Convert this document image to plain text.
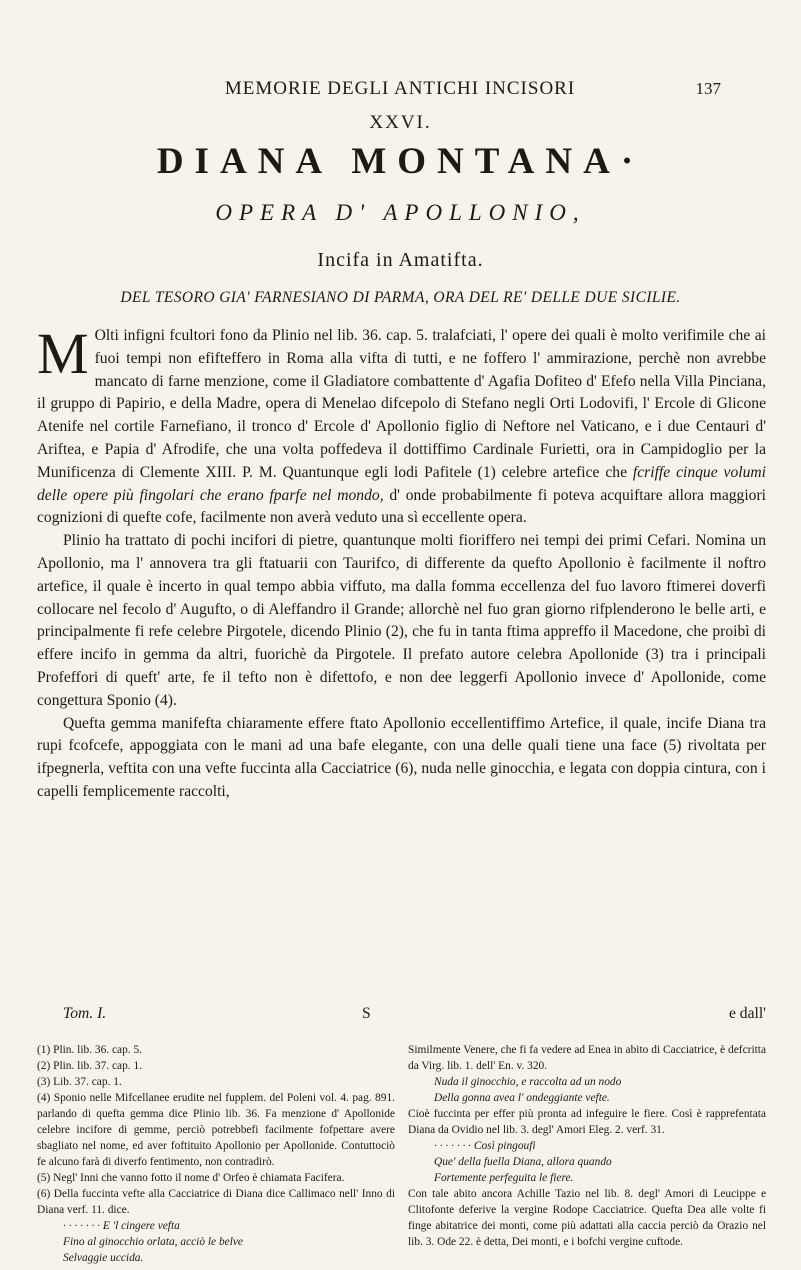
MEMORIE DEGLI ANTICHI INCISORI	137
XXVI.
DIANA MONTANA·
OPERA D' APOLLONIO,
Incifa in Amatifta.
DEL TESORO GIA' FARNESIANO DI PARMA, ORA DEL RE' DELLE DUE SICILIE.

M Olti infigni fcultori fono da Plinio nel lib. 36. cap. 5. tralafciati, l' opere dei quali è molto verifimile che ai fuoi tempi non efifteffero in Roma alla vifta di tutti, e ne foffero l' ammirazione, perchè non avrebbe mancato di farne menzione, come il Gladiatore combattente d' Agafia Dofiteo d' Efefo nella Villa Pinciana, il gruppo di Papirio, e della Madre, opera di Menelao difcepolo di Stefano negli Orti Lodovifi, l' Ercole di Glicone Atenife nel cortile Farnefiano, il tronco d' Ercole d' Apollonio figlio di Neftore nel Vaticano, e i due Centauri d' Ariftea, e Papia d' Afrodife, che una volta poffedeva il dottiffimo Cardinale Furietti, ora in Campidoglio per la Munificenza di Clemente XIII. P. M. Quantunque egli lodi Pafitele (1) celebre artefice che fcriffe cinque volumi delle opere più fingolari che erano fparfe nel mondo, d' onde probabilmente fi poteva acquiftare allora maggiori cognizioni di quefte cofe, facilmente non averà veduto una sì eccellente opera.

Plinio ha trattato di pochi incifori di pietre, quantunque molti fioriffero nei tempi dei primi Cefari. Nomina un Apollonio, ma l' annovera tra gli ftatuarii con Taurifco, di differente da quefto Apollonio è facilmente il noftro artefice, il quale è incerto in qual tempo abbia viffuto, ma dalla fomma eccellenza del fuo lavoro ftimerei doverfi collocare nel fecolo d' Augufto, o di Aleffandro il Grande; allorchè nel fuo gran giorno rifplenderono le belle arti, e principalmente fi refe celebre Pirgotele, dicendo Plinio (2), che fu in tanta ftima appreffo il Macedone, che proibì di effere incifo in gemma da altri, fuorichè da Pirgotele. Il prefato autore celebra Apollonide (3) tra i principali Profeffori di queft' arte, fe il tefto non è difettofo, e non dee leggerfi Apollonio invece d' Apollonide, come congettura Sponio (4).

Quefta gemma manifefta chiaramente effere ftato Apollonio eccellentiffimo Artefice, il quale, incife Diana tra rupi fcofcefe, appoggiata con le mani ad una bafe elegante, con una delle quali tiene una face (5) rivoltata per ifpegnerla, veftita con una vefte fuccinta alla Cacciatrice (6), nuda nelle ginocchia, e legata con doppia cintura, con i capelli femplicemente raccolti,

Tom. I.	S	e dall'

(1) Plin. lib. 36. cap. 5.

(2) Plin. lib. 37. cap. 1.

(3) Lib. 37. cap. 1.

(4) Sponio nelle Mifcellanee erudite nel fupplem. del Poleni vol. 4. pag. 891. parlando di quefta gemma dice Plinio lib. 36. Fa menzione d' Apollonide celebre incifore di gemme, perciò potrebbefi facilmente fofpettare avere sbagliato nel nome, ed aver foftituito Apollonio per Apollonide. Contuttociò fe alcuno farà di diverfo fentimento, non contradirò.

(5) Negl' Inni che vanno fotto il nome d' Orfeo è chiamata Facifera.

(6) Della fuccinta vefte alla Cacciatrice di Diana dice Callimaco nell' Inno di Diana verf. 11. dice.

· · · · · · · E 'l cingere vefta

Fino al ginocchio orlata, acciò le belve

Selvaggie uccida.

Similmente Venere, che fi fa vedere ad Enea in abito di Cacciatrice, è defcritta da Virg. lib. 1. dell' En. v. 320.

Nuda il ginocchio, e raccolta ad un nodo

Della gonna avea l' ondeggiante vefte.

Cioè fuccinta per effer più pronta ad infeguire le fiere. Così è rapprefentata Diana da Ovidio nel lib. 3. degl' Amori Eleg. 2. verf. 31.

· · · · · · · Così pingoufi

Que' della fuella Diana, allora quando

Fortemente perfeguita le fiere.

Con tale abito ancora Achille Tazio nel lib. 8. degl' Amori di Leucippe e Clitofonte deferive la vergine Rodope Cacciatrice. Quefta Dea alle volte fi finge abitatrice dei monti, come più adattati alla caccia perciò da Orazio nel lib. 3. Ode 22. è detta, Dei monti, e i bofchi vergine cuftode.
